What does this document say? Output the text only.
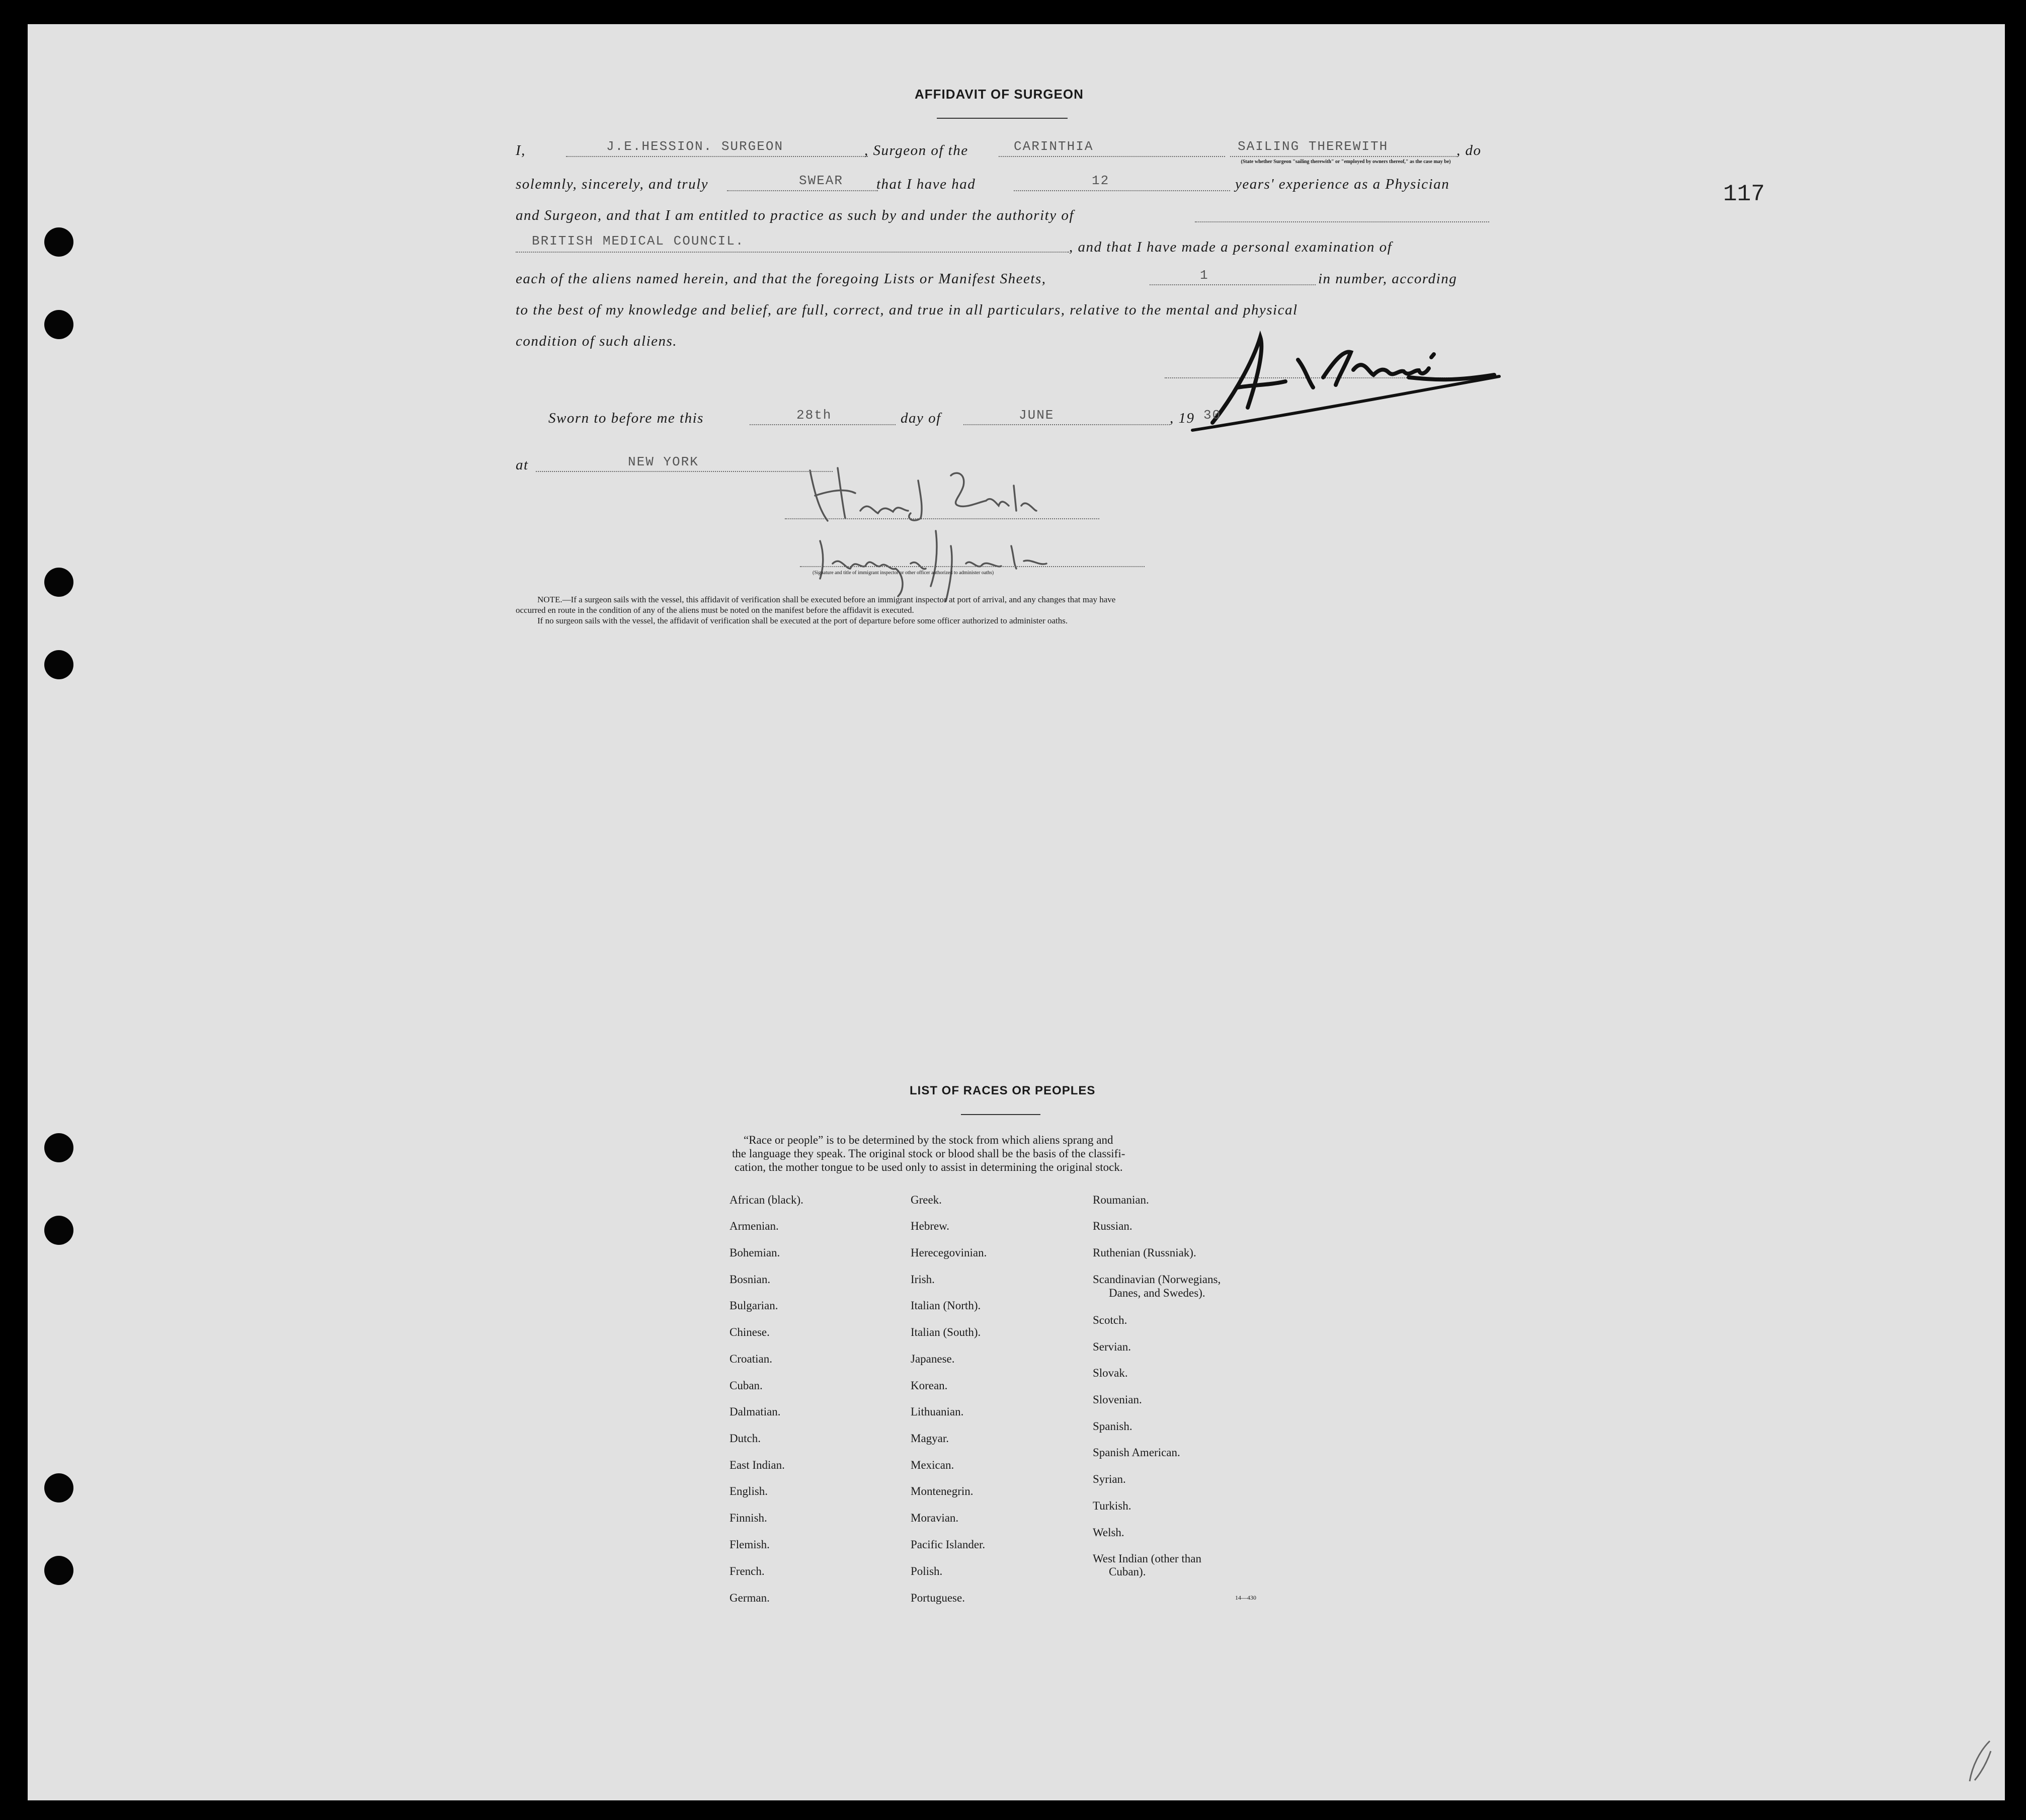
117
AFFIDAVIT OF SURGEON
I,	J.E.HESSION. SURGEON	, Surgeon of the	CARINTHIA	SAILING THEREWITH	, do
(State whether Surgeon "sailing therewith" or "employed by owners thereof," as the case may be)
solemnly, sincerely, and truly	SWEAR that I have had	12	years' experience as a Physician
and Surgeon, and that I am entitled to practice as such by and under the authority of
BRITISH MEDICAL COUNCIL.	, and that I have made a personal examination of
each of the aliens named herein, and that the foregoing Lists or Manifest Sheets,	1	in number, according
to the best of my knowledge and belief, are full, correct, and true in all particulars, relative to the mental and physical
condition of such aliens.
Sworn to before me this	28th	day of	JUNE	, 19 30
at	NEW YORK
(Signature and title of immigrant inspector or other officer authorized to administer oaths)
NOTE.—If a surgeon sails with the vessel, this affidavit of verification shall be executed before an immigrant inspector at port of arrival, and any changes that may have
occurred en route in the condition of any of the aliens must be noted on the manifest before the affidavit is executed.
If no surgeon sails with the vessel, the affidavit of verification shall be executed at the port of departure before some officer authorized to administer oaths.
LIST OF RACES OR PEOPLES
“Race or people” is to be determined by the stock from which aliens sprang and
the language they speak. The original stock or blood shall be the basis of the classifi-
cation, the mother tongue to be used only to assist in determining the original stock.
African (black).
Armenian.
Bohemian.
Bosnian.
Bulgarian.
Chinese.
Croatian.
Cuban.
Dalmatian.
Dutch.
East Indian.
English.
Finnish.
Flemish.
French.
German.
Greek.
Hebrew.
Herecegovinian.
Irish.
Italian (North).
Italian (South).
Japanese.
Korean.
Lithuanian.
Magyar.
Mexican.
Montenegrin.
Moravian.
Pacific Islander.
Polish.
Portuguese.
Roumanian.
Russian.
Ruthenian (Russniak).
Scandinavian (Norwegians,
Danes, and Swedes).
Scotch.
Servian.
Slovak.
Slovenian.
Spanish.
Spanish American.
Syrian.
Turkish.
Welsh.
West Indian (other than
Cuban).
14—430
